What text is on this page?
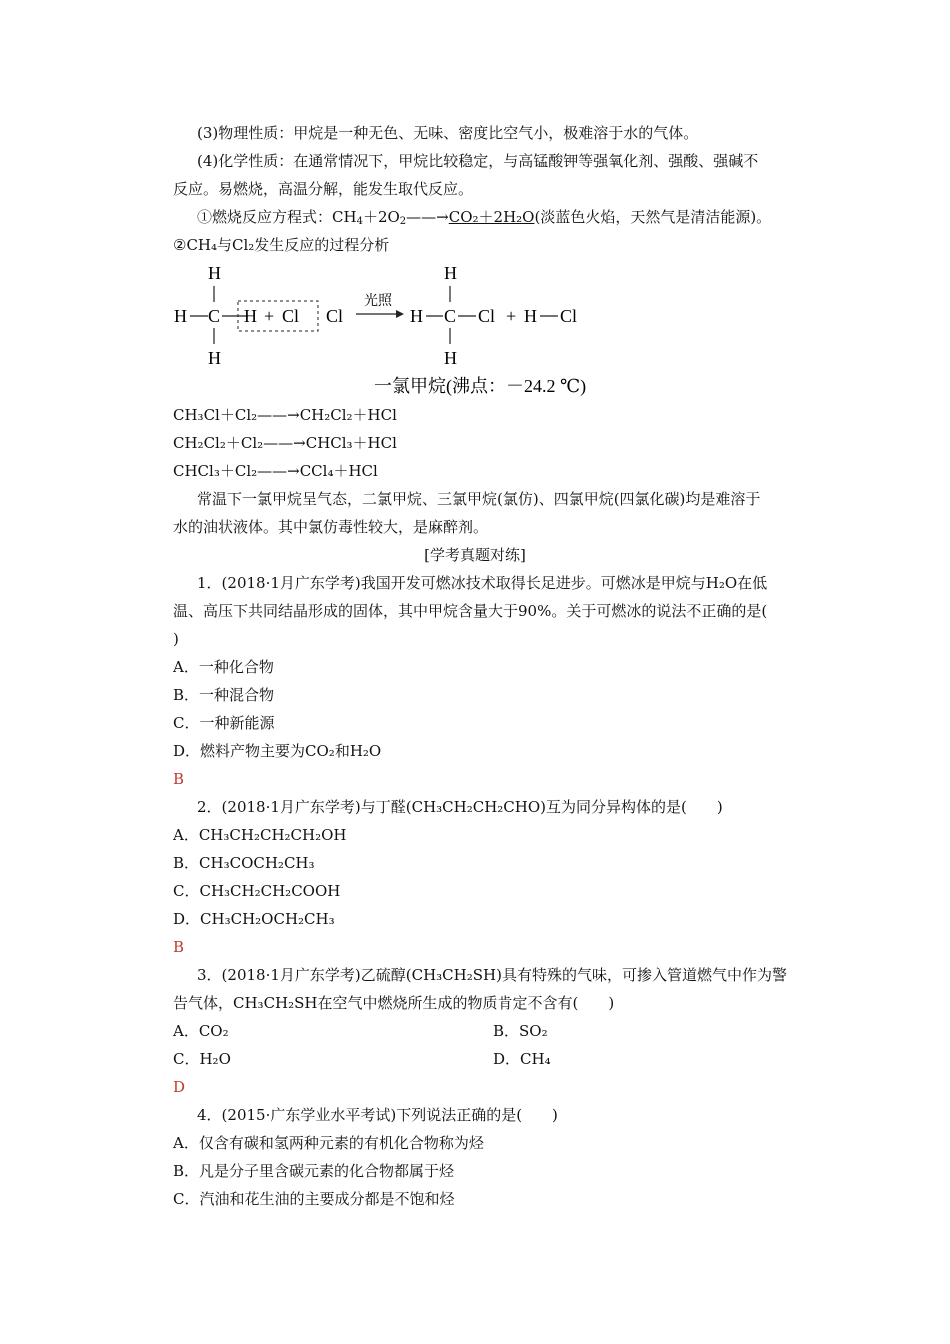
(3)物理性质：甲烷是一种无色、无味、密度比空气小，极难溶于水的气体。
(4)化学性质：在通常情况下，甲烷比较稳定，与高锰酸钾等强氧化剂、强酸、强碱不
反应。易燃烧，高温分解，能发生取代反应。
①燃烧反应方程式：$CH_4+2O_2——\to CO_2+2H_2O$(淡蓝色火焰，天然气是清洁能源)。
②CH₄与Cl₂发生反应的过程分析
H
H C
H
H + Cl Cl
光照
H
H C Cl
H
+ H Cl
一氯甲烷(沸点：－24.2 ℃)
CH₃Cl＋Cl₂——→CH₂Cl₂＋HCl
CH₂Cl₂＋Cl₂——→CHCl₃＋HCl
CHCl₃＋Cl₂——→CCl₄＋HCl
常温下一氯甲烷呈气态，二氯甲烷、三氯甲烷(氯仿)、四氯甲烷(四氯化碳)均是难溶于
水的油状液体。其中氯仿毒性较大，是麻醉剂。
[学考真题对练]
1．(2018·1月广东学考)我国开发可燃冰技术取得长足进步。可燃冰是甲烷与H₂O在低
温、高压下共同结晶形成的固体，其中甲烷含量大于90%。关于可燃冰的说法不正确的是(
)
A．一种化合物
B．一种混合物
C．一种新能源
D．燃料产物主要为CO₂和H₂O
B
2．(2018·1月广东学考)与丁醛(CH₃CH₂CH₂CHO)互为同分异构体的是(　　)
A．CH₃CH₂CH₂CH₂OH
B．CH₃COCH₂CH₃
C．CH₃CH₂CH₂COOH
D．CH₃CH₂OCH₂CH₃
B
3．(2018·1月广东学考)乙硫醇(CH₃CH₂SH)具有特殊的气味，可掺入管道燃气中作为警
告气体，CH₃CH₂SH在空气中燃烧所生成的物质肯定不含有(　　)
A．CO₂	B．SO₂
C．H₂O	D．CH₄
D
4．(2015·广东学业水平考试)下列说法正确的是(　　)
A．仅含有碳和氢两种元素的有机化合物称为烃
B．凡是分子里含碳元素的化合物都属于烃
C．汽油和花生油的主要成分都是不饱和烃
